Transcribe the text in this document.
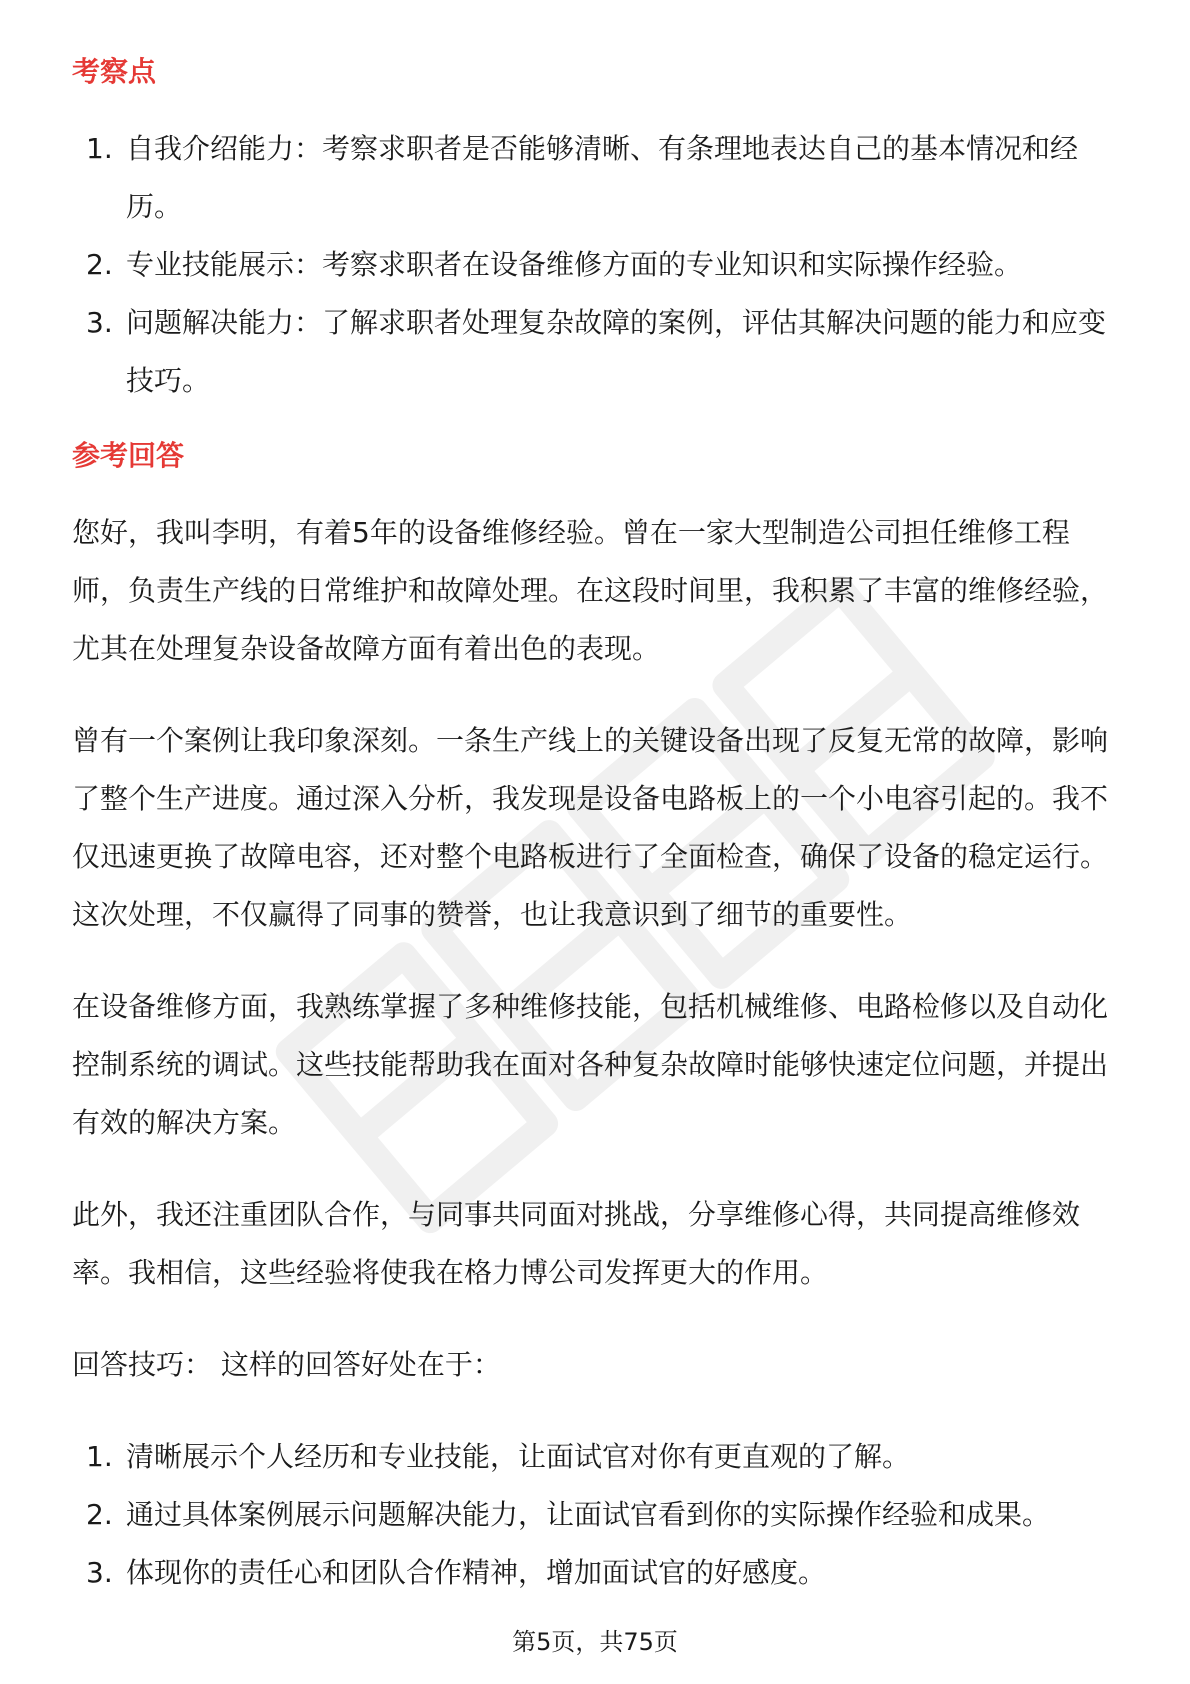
考察点
1. 自我介绍能力：考察求职者是否能够清晰、有条理地表达自己的基本情况和经历。
2. 专业技能展示：考察求职者在设备维修方面的专业知识和实际操作经验。
3. 问题解决能力：了解求职者处理复杂故障的案例，评估其解决问题的能力和应变技巧。
参考回答

您好，我叫李明，有着5年的设备维修经验。曾在一家大型制造公司担任维修工程师，负责生产线的日常维护和故障处理。在这段时间里，我积累了丰富的维修经验，尤其在处理复杂设备故障方面有着出色的表现。

曾有一个案例让我印象深刻。一条生产线上的关键设备出现了反复无常的故障，影响了整个生产进度。通过深入分析，我发现是设备电路板上的一个小电容引起的。我不仅迅速更换了故障电容，还对整个电路板进行了全面检查，确保了设备的稳定运行。这次处理，不仅赢得了同事的赞誉，也让我意识到了细节的重要性。

在设备维修方面，我熟练掌握了多种维修技能，包括机械维修、电路检修以及自动化控制系统的调试。这些技能帮助我在面对各种复杂故障时能够快速定位问题，并提出有效的解决方案。

此外，我还注重团队合作，与同事共同面对挑战，分享维修心得，共同提高维修效率。我相信，这些经验将使我在格力博公司发挥更大的作用。

回答技巧： 这样的回答好处在于：

1. 清晰展示个人经历和专业技能，让面试官对你有更直观的了解。
2. 通过具体案例展示问题解决能力，让面试官看到你的实际操作经验和成果。
3. 体现你的责任心和团队合作精神，增加面试官的好感度。
第5页，共75页
